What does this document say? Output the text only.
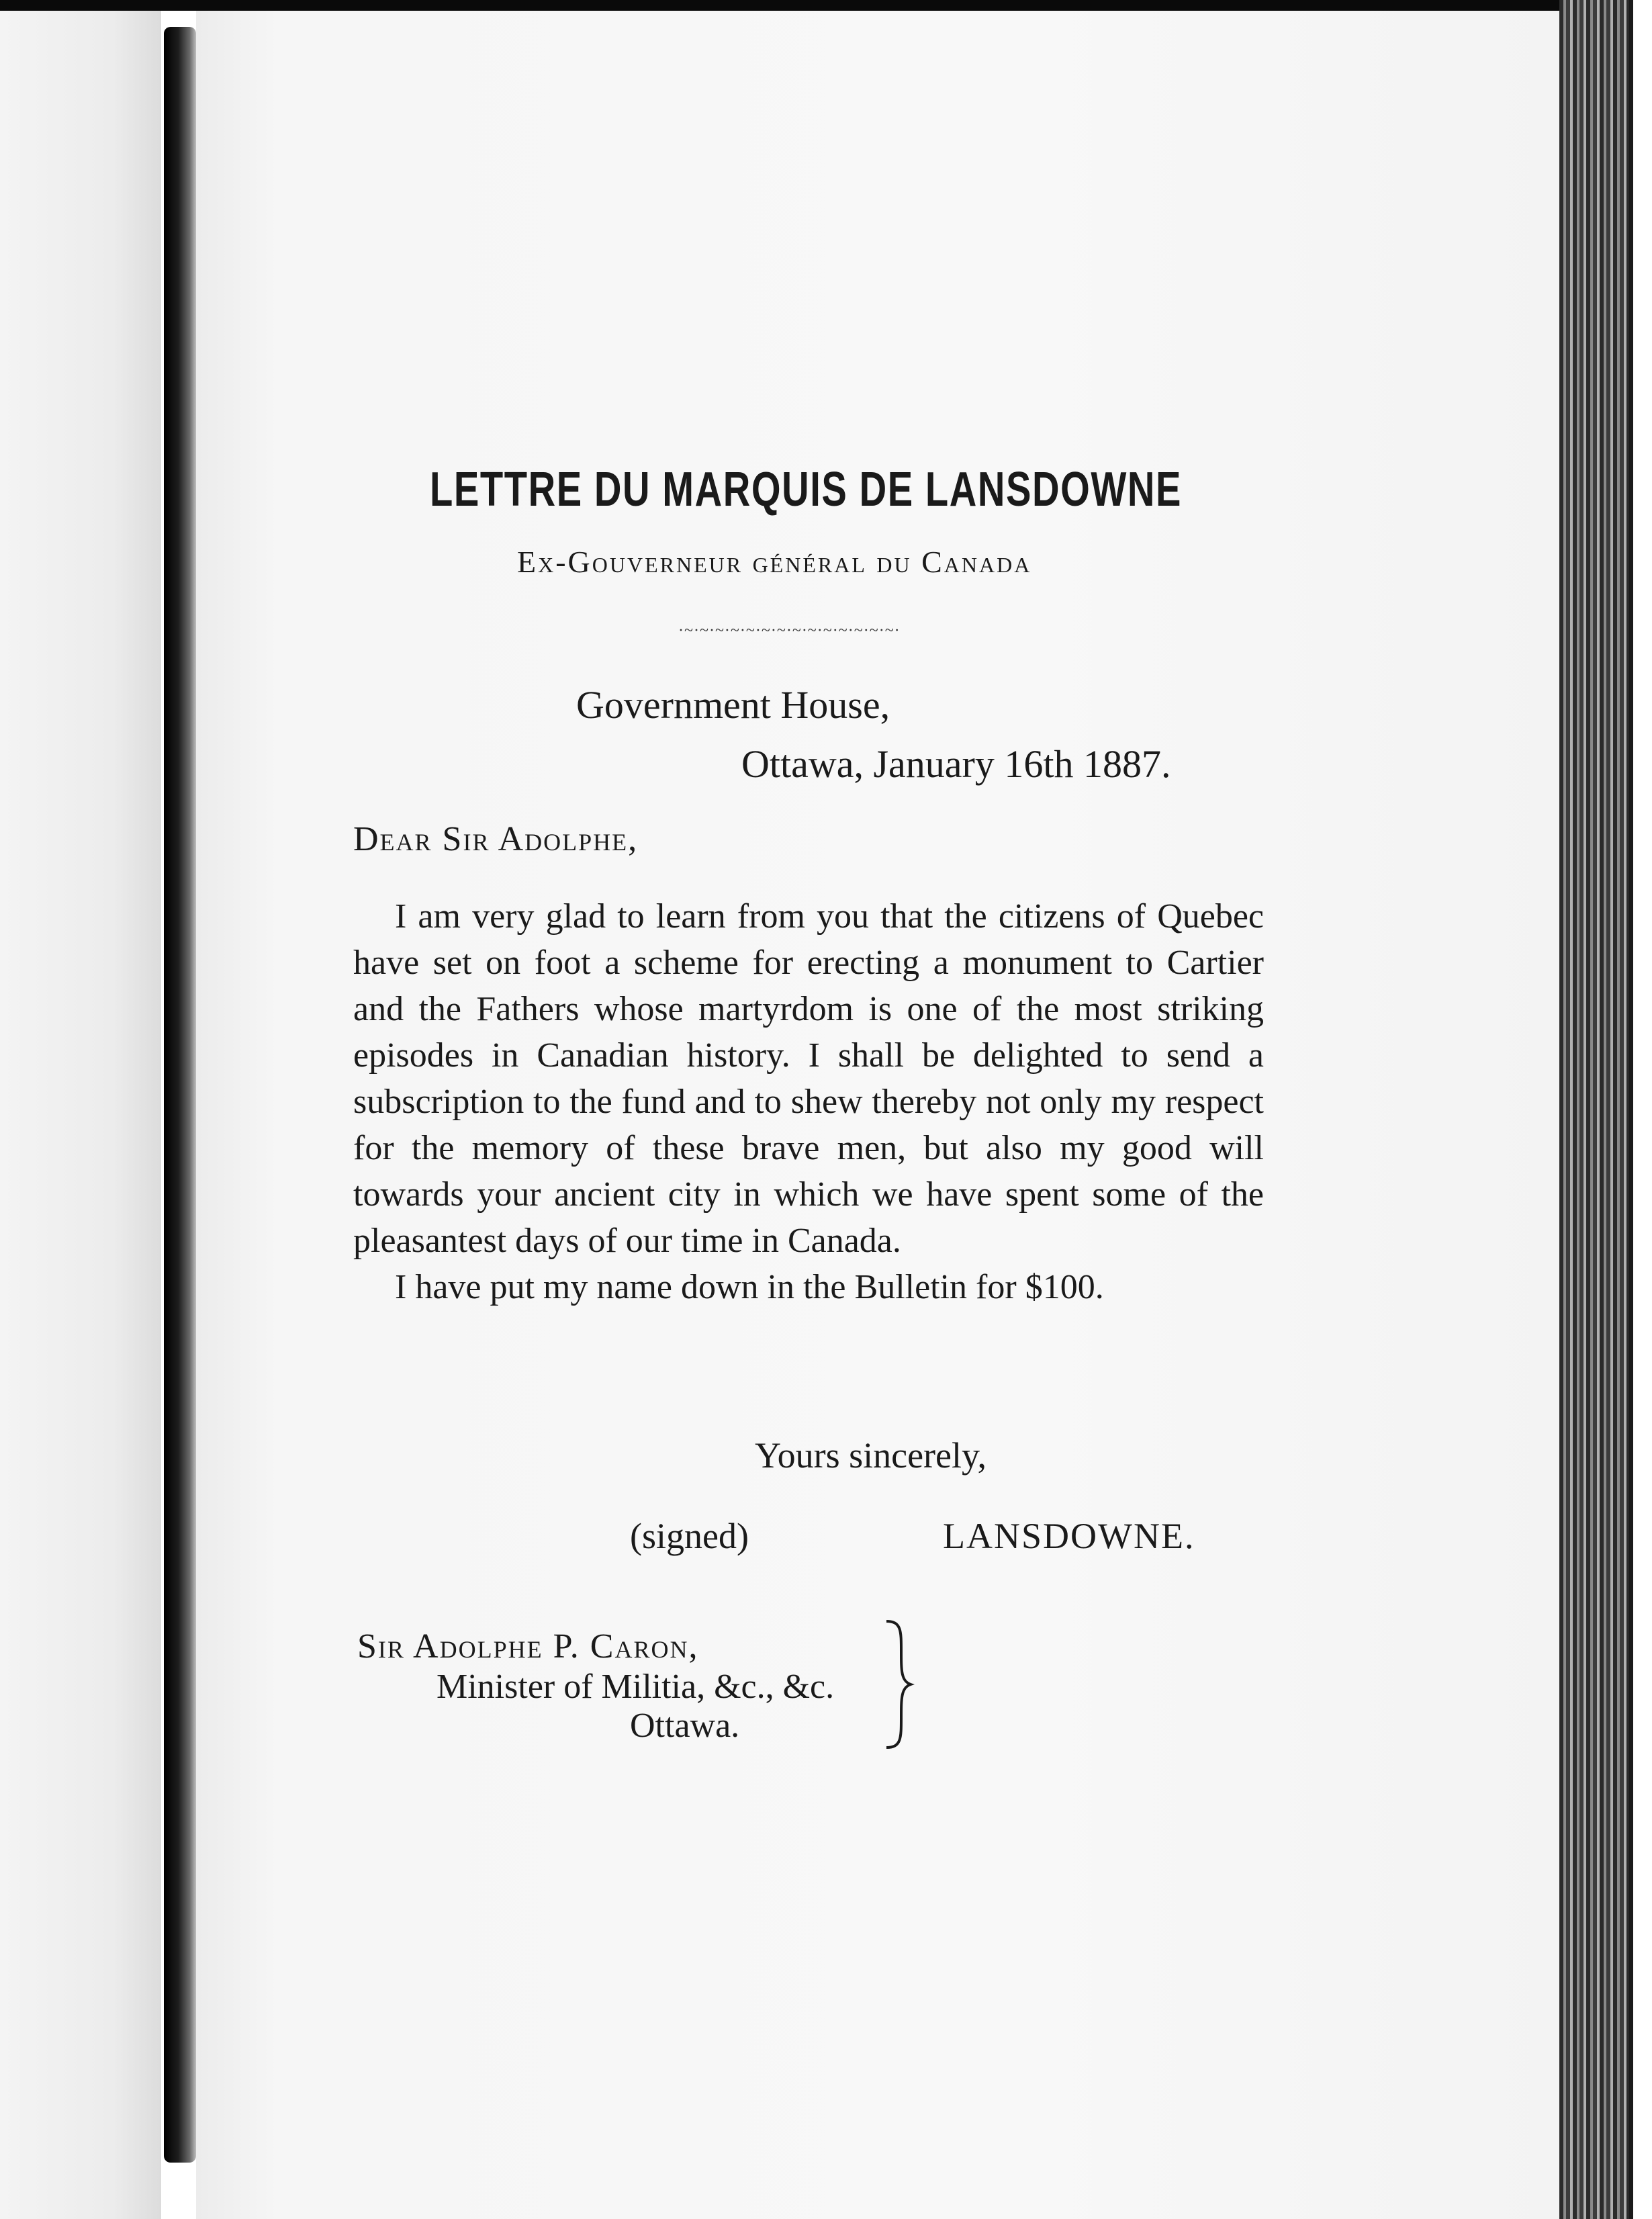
LETTRE DU MARQUIS DE LANSDOWNE
Ex-Gouverneur général du Canada
·~·~·~·~·~·~·~·~·~·~·~·~·~·~·
Government House,
Ottawa, January 16th 1887.
Dear Sir Adolphe,

I am very glad to learn from you that the citizens of Quebec have set on foot a scheme for erecting a monument to Cartier and the Fathers whose martyrdom is one of the most striking episodes in Canadian history. I shall be delighted to send a subscription to the fund and to shew thereby not only my respect for the memory of these brave men, but also my good will towards your ancient city in which we have spent some of the pleasantest days of our time in Canada.

I have put my name down in the Bulletin for $100.

Yours sincerely,
(signed)	LANSDOWNE.
Sir Adolphe P. Caron,
Minister of Militia, &c., &c.
Ottawa.
